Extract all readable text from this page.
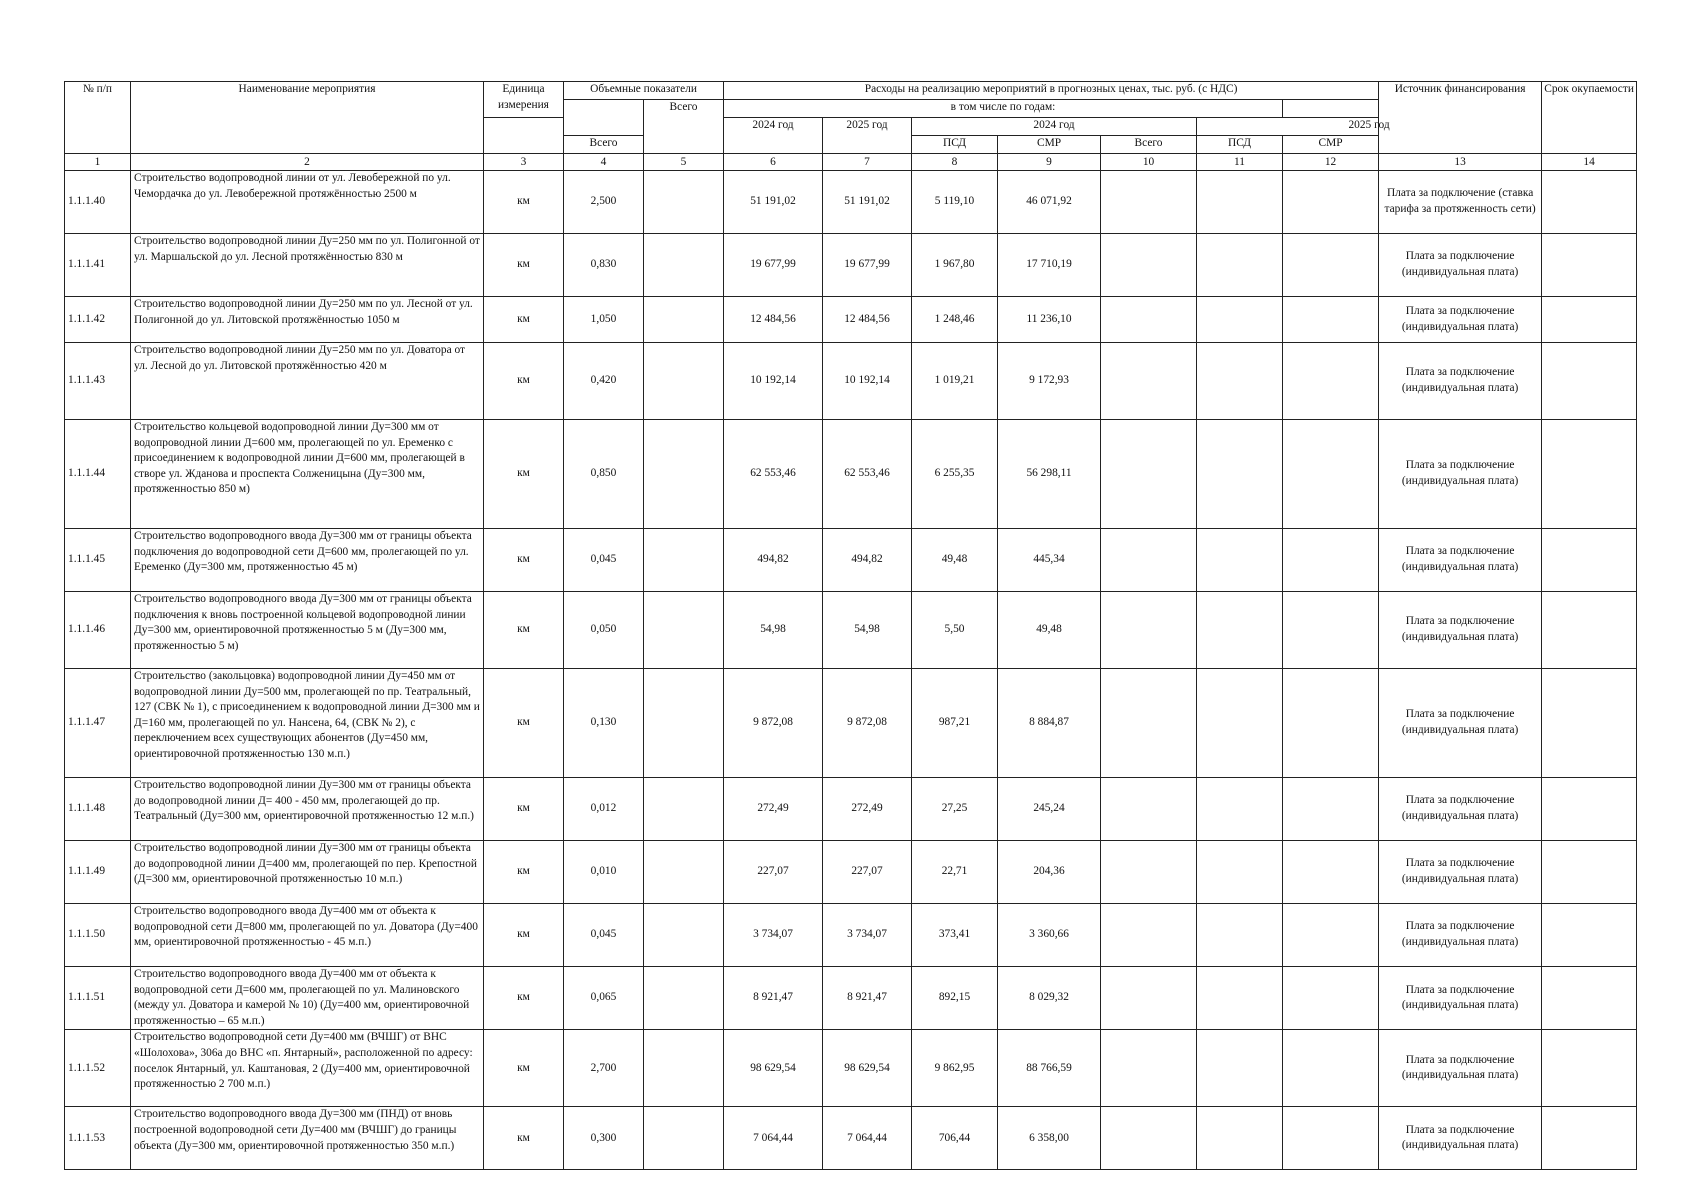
№ п/п	Наименование мероприятия	Единица измерения	Объемные показатели		Расходы на реализацию мероприятий в прогнозных ценах, тыс. руб. (с НДС)							Источник финансирования	Срок окупаемости
				Всего	в том числе по годам:								
					2024 год	2025 год	2024 год			2025 год			
			Всего				ПСД	СМР	Всего	ПСД	СМР		
1	2	3	4	5	6	7	8	9	10	11	12	13	14
1.1.1.40	Строительство водопроводной линии от ул. Левобережной по ул. Чемордачка до ул. Левобережной протяжённостью 2500 м	км	2,500		51 191,02	51 191,02	5 119,10	46 071,92				Плата за подключение (ставка тарифа за протяженность сети)	
1.1.1.41	Строительство водопроводной линии Ду=250 мм по ул. Полигонной от ул. Маршальской до ул. Лесной протяжённостью 830 м	км	0,830		19 677,99	19 677,99	1 967,80	17 710,19				Плата за подключение (индивидуальная плата)	
1.1.1.42	Строительство водопроводной линии Ду=250 мм по ул. Лесной от ул. Полигонной до ул. Литовской протяжённостью 1050 м	км	1,050		12 484,56	12 484,56	1 248,46	11 236,10				Плата за подключение (индивидуальная плата)	
1.1.1.43	Строительство водопроводной линии Ду=250 мм по ул. Доватора от ул. Лесной до ул. Литовской протяжённостью 420 м	км	0,420		10 192,14	10 192,14	1 019,21	9 172,93				Плата за подключение (индивидуальная плата)	
1.1.1.44	Строительство кольцевой водопроводной линии Ду=300 мм от водопроводной линии Д=600 мм, пролегающей по ул. Еременко с присоединением к водопроводной линии Д=600 мм, пролегающей в створе ул. Жданова и проспекта Солженицына (Ду=300 мм, протяженностью 850 м)	км	0,850		62 553,46	62 553,46	6 255,35	56 298,11				Плата за подключение (индивидуальная плата)	
1.1.1.45	Строительство водопроводного ввода Ду=300 мм от границы объекта подключения до водопроводной сети Д=600 мм, пролегающей по ул. Еременко (Ду=300 мм, протяженностью 45 м)	км	0,045		494,82	494,82	49,48	445,34				Плата за подключение (индивидуальная плата)	
1.1.1.46	Строительство водопроводного ввода Ду=300 мм от границы объекта подключения к вновь построенной кольцевой водопроводной линии Ду=300 мм, ориентировочной протяженностью 5 м (Ду=300 мм, протяженностью 5 м)	км	0,050		54,98	54,98	5,50	49,48				Плата за подключение (индивидуальная плата)	
1.1.1.47	Строительство (закольцовка) водопроводной линии Ду=450 мм от водопроводной линии Ду=500 мм, пролегающей по пр. Театральный, 127 (СВК № 1), с присоединением к водопроводной линии Д=300 мм и Д=160 мм, пролегающей по ул. Нансена, 64, (СВК № 2), с переключением всех существующих абонентов (Ду=450 мм, ориентировочной протяженностью 130 м.п.)	км	0,130		9 872,08	9 872,08	987,21	8 884,87				Плата за подключение (индивидуальная плата)	
1.1.1.48	Строительство водопроводной линии Ду=300 мм от границы объекта до водопроводной линии Д= 400 - 450 мм, пролегающей до пр. Театральный (Ду=300 мм, ориентировочной протяженностью 12 м.п.)	км	0,012		272,49	272,49	27,25	245,24				Плата за подключение (индивидуальная плата)	
1.1.1.49	Строительство водопроводной линии Ду=300 мм от границы объекта до водопроводной линии Д=400 мм, пролегающей по пер. Крепостной (Д=300 мм, ориентировочной протяженностью 10 м.п.)	км	0,010		227,07	227,07	22,71	204,36				Плата за подключение (индивидуальная плата)	
1.1.1.50	Строительство водопроводного ввода Ду=400 мм от объекта к водопроводной сети Д=800 мм, пролегающей по ул. Доватора (Ду=400 мм, ориентировочной протяженностью - 45 м.п.)	км	0,045		3 734,07	3 734,07	373,41	3 360,66				Плата за подключение (индивидуальная плата)	
1.1.1.51	Строительство водопроводного ввода Ду=400 мм от объекта к водопроводной сети Д=600 мм, пролегающей по ул. Малиновского (между ул. Доватора и камерой № 10) (Ду=400 мм, ориентировочной протяженностью – 65 м.п.)	км	0,065		8 921,47	8 921,47	892,15	8 029,32				Плата за подключение (индивидуальная плата)	
1.1.1.52	Строительство водопроводной сети Ду=400 мм (ВЧШГ) от ВНС «Шолохова», 306а до ВНС «п. Янтарный», расположенной по адресу: поселок Янтарный, ул. Каштановая, 2 (Ду=400 мм, ориентировочной протяженностью 2 700 м.п.)	км	2,700		98 629,54	98 629,54	9 862,95	88 766,59				Плата за подключение (индивидуальная плата)	
1.1.1.53	Строительство водопроводного ввода Ду=300 мм (ПНД) от вновь построенной водопроводной сети Ду=400 мм (ВЧШГ) до границы объекта (Ду=300 мм, ориентировочной протяженностью 350 м.п.)	км	0,300		7 064,44	7 064,44	706,44	6 358,00				Плата за подключение (индивидуальная плата)	
